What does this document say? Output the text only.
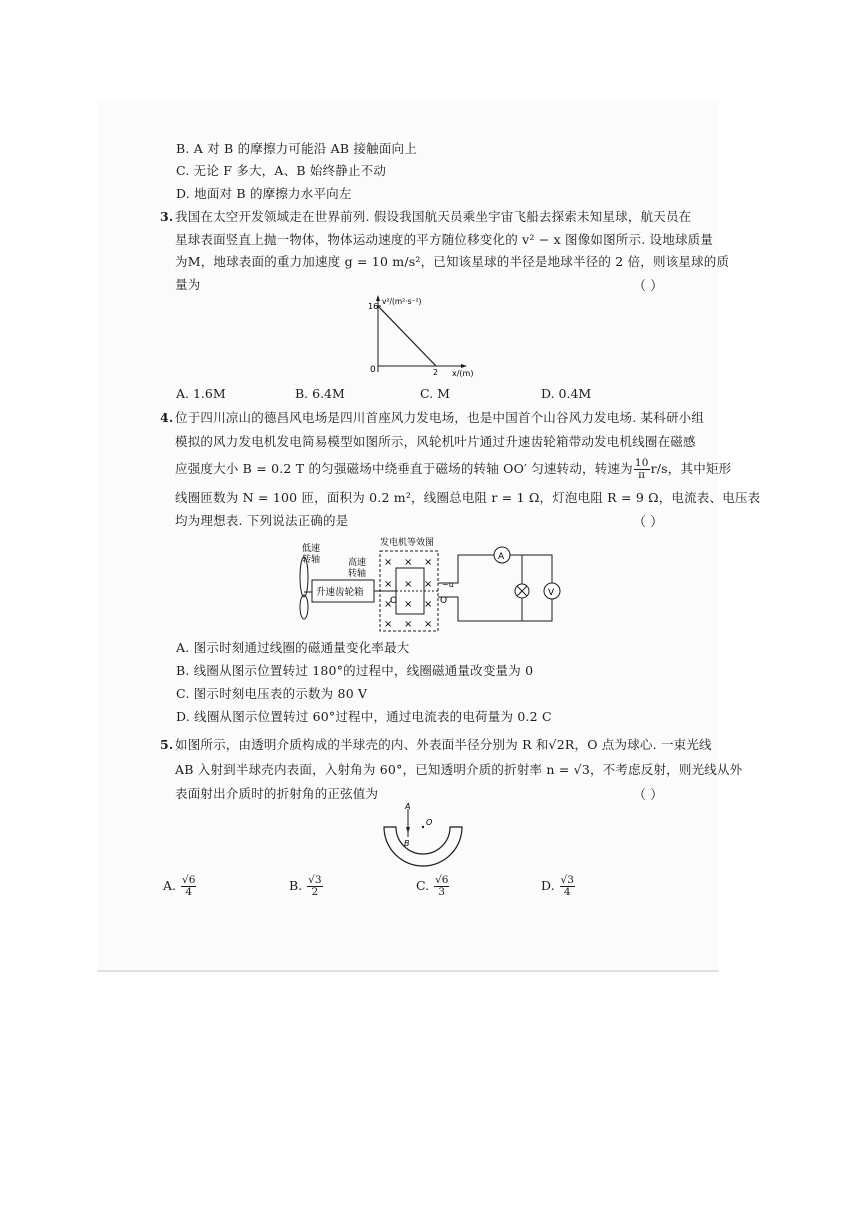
B. A 对 B 的摩擦力可能沿 AB 接触面向上
C. 无论 F 多大，A、B 始终静止不动
D. 地面对 B 的摩擦力水平向左
3. 我国在太空开发领域走在世界前列. 假设我国航天员乘坐宇宙飞船去探索未知星球，航天员在
星球表面竖直上抛一物体，物体运动速度的平方随位移变化的 v² − x 图像如图所示. 设地球质量
为M，地球表面的重力加速度 g = 10 m/s²，已知该星球的半径是地球半径的 2 倍，则该星球的质
量为	（ ）
v²/(m²·s⁻²)
x/(m)
0
16
2
A. 1.6M	B. 6.4M	C. M	D. 0.4M
4. 位于四川凉山的德昌风电场是四川首座风力发电场，也是中国首个山谷风力发电场. 某科研小组
模拟的风力发电机发电简易模型如图所示，风轮机叶片通过升速齿轮箱带动发电机线圈在磁感
应强度大小 B = 0.2 T 的匀强磁场中绕垂直于磁场的转轴 OO′ 匀速转动，转速为 $\frac{10}{\pi} r/s$，其中矩形
线圈匝数为 N = 100 匝，面积为 0.2 m²，线圈总电阻 r = 1 Ω，灯泡电阻 R = 9 Ω，电流表、电压表
均为理想表. 下列说法正确的是	（ ）
低速
转轴
升速齿轮箱
高速
转轴
发电机等效图
× × ×
× × ×
× × ×
× × ×
O	O′
~u
A
V
A. 图示时刻通过线圈的磁通量变化率最大
B. 线圈从图示位置转过 180°的过程中，线圈磁通量改变量为 0
C. 图示时刻电压表的示数为 80 V
D. 线圈从图示位置转过 60°过程中，通过电流表的电荷量为 0.2 C
5. 如图所示，由透明介质构成的半球壳的内、外表面半径分别为 R 和√2R，O 点为球心. 一束光线
AB 入射到半球壳内表面，入射角为 60°，已知透明介质的折射率 n = √3，不考虑反射，则光线从外
表面射出介质时的折射角的正弦值为	（ ）
A
B
O
A. $\frac{√6}{4}$	B. $\frac{√3}{2}$	C. $\frac{√6}{3}$	D. $\frac{√3}{4}$
